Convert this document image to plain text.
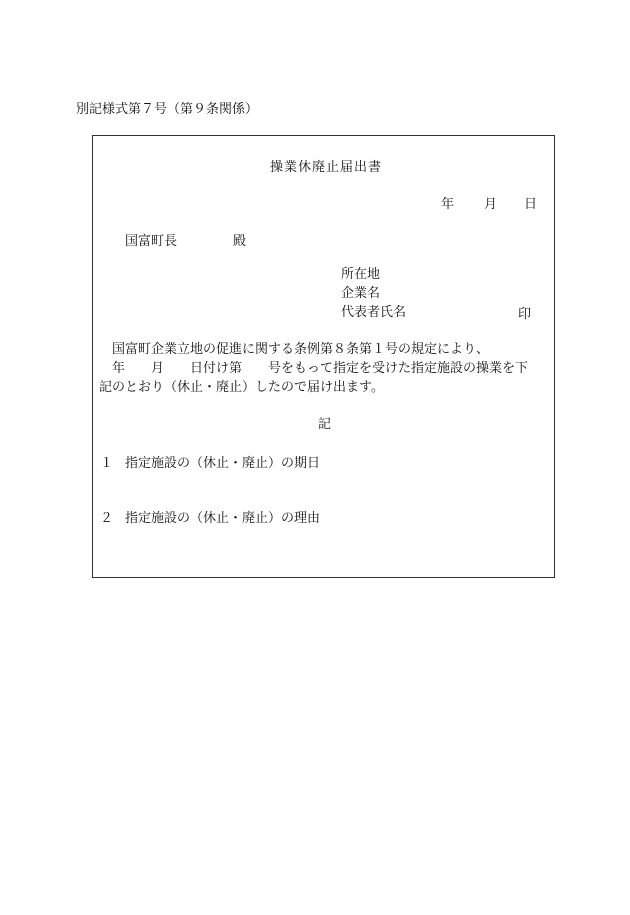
別記様式第７号（第９条関係）
操業休廃止届出書
年 月 日
国富町長	殿
所在地
企業名
代表者氏名	印
　国富町企業立地の促進に関する条例第８条第１号の規定により、
　年　　月　　日付け第　　号をもって指定を受けた指定施設の操業を下
記のとおり（休止・廃止）したので届け出ます。
記
１ 指定施設の（休止・廃止）の期日
２ 指定施設の（休止・廃止）の理由
